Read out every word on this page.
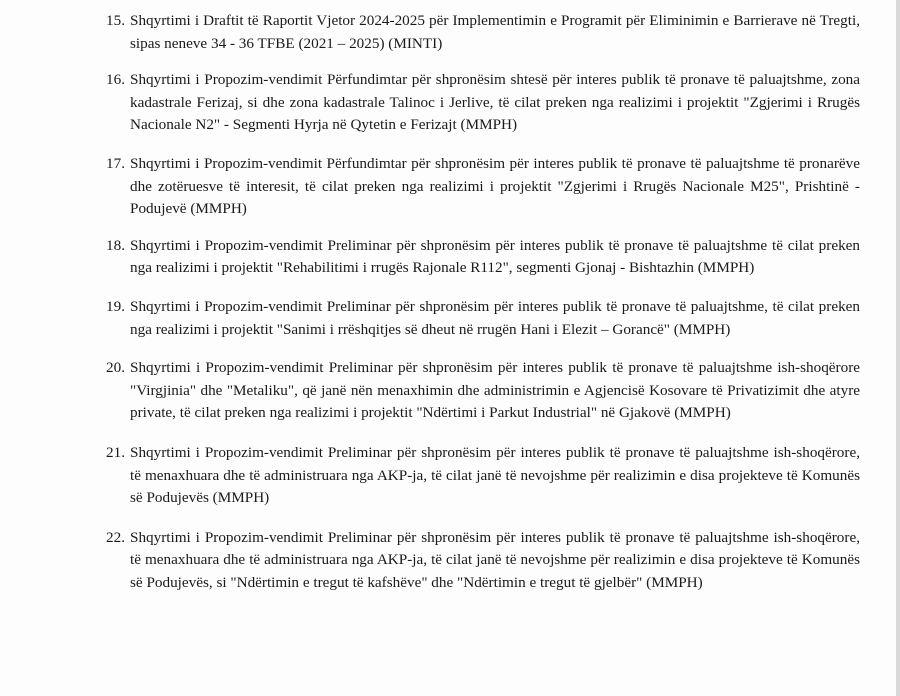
15. Shqyrtimi i Draftit të Raportit Vjetor 2024-2025 për Implementimin e Programit për Eliminimin e Barrierave në Tregti, sipas neneve 34 - 36 TFBE (2021 – 2025) (MINTI)
16. Shqyrtimi i Propozim-vendimit Përfundimtar për shpronësim shtesë për interes publik të pronave të paluajtshme, zona kadastrale Ferizaj, si dhe zona kadastrale Talinoc i Jerlive, të cilat preken nga realizimi i projektit "Zgjerimi i Rrugës Nacionale N2" - Segmenti Hyrja në Qytetin e Ferizajt (MMPH)
17. Shqyrtimi i Propozim-vendimit Përfundimtar për shpronësim për interes publik të pronave të paluajtshme të pronarëve dhe zotëruesve të interesit, të cilat preken nga realizimi i projektit "Zgjerimi i Rrugës Nacionale M25", Prishtinë - Podujevë (MMPH)
18. Shqyrtimi i Propozim-vendimit Preliminar për shpronësim për interes publik të pronave të paluajtshme të cilat preken nga realizimi i projektit "Rehabilitimi i rrugës Rajonale R112", segmenti Gjonaj - Bishtazhin (MMPH)
19. Shqyrtimi i Propozim-vendimit Preliminar për shpronësim për interes publik të pronave të paluajtshme, të cilat preken nga realizimi i projektit "Sanimi i rrëshqitjes së dheut në rrugën Hani i Elezit – Gorancë" (MMPH)
20. Shqyrtimi i Propozim-vendimit Preliminar për shpronësim për interes publik të pronave të paluajtshme ish-shoqërore "Virgjinia" dhe "Metaliku", që janë nën menaxhimin dhe administrimin e Agjencisë Kosovare të Privatizimit dhe atyre private, të cilat preken nga realizimi i projektit "Ndërtimi i Parkut Industrial" në Gjakovë (MMPH)
21. Shqyrtimi i Propozim-vendimit Preliminar për shpronësim për interes publik të pronave të paluajtshme ish-shoqërore, të menaxhuara dhe të administruara nga AKP-ja, të cilat janë të nevojshme për realizimin e disa projekteve të Komunës së Podujevës (MMPH)
22. Shqyrtimi i Propozim-vendimit Preliminar për shpronësim për interes publik të pronave të paluajtshme ish-shoqërore, të menaxhuara dhe të administruara nga AKP-ja, të cilat janë të nevojshme për realizimin e disa projekteve të Komunës së Podujevës, si "Ndërtimin e tregut të kafshëve" dhe "Ndërtimin e tregut të gjelbër" (MMPH)
